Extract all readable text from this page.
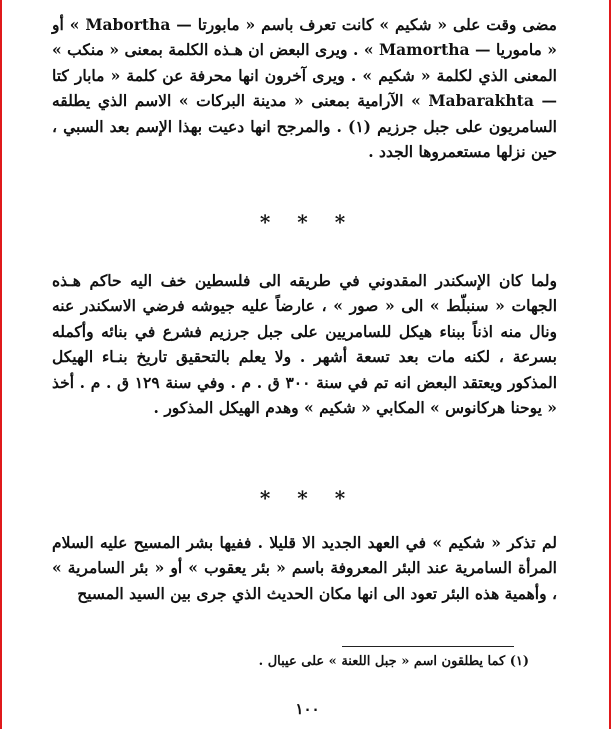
مضى وقت على « شكيم » كانت تعرف باسم « مابورتا — Mabortha » أو « ماموريا — Mamortha » . ويرى البعض ان هـذه الكلمة بمعنى « منكب » المعنى الذي لكلمة « شكيم » . ويرى آخرون انها محرفة عن كلمة « مابار كتا — Mabarakhta » الآرامية بمعنى « مدينة البركات » الاسم الذي يطلقه السامريون على جبل جرزيم (١) . والمرجح انها دعيت بهذا الإسم بعد السبي ، حين نزلها مستعمروها الجدد .

* * *

ولما كان الإسكندر المقدوني في طريقه الى فلسطين خف اليه حاكم هـذه الجهات « سنبلّط » الى « صور » ، عارضاً عليه جيوشه فرضي الاسكندر عنه ونال منه اذناً ببناء هيكل للسامريين على جبل جرزيم فشرع في بنائه وأكمله بسرعة ، لكنه مات بعد تسعة أشهر . ولا يعلم بالتحقيق تاريخ بنـاء الهيكل المذكور ويعتقد البعض انه تم في سنة ٣٠٠ ق . م . وفي سنة ١٢٩ ق . م . أخذ « يوحنا هركانوس » المكابي « شكيم » وهدم الهيكل المذكور .

* * *

لم تذكر « شكيم » في العهد الجديد الا قليلا . ففيها بشر المسيح عليه السلام المرأة السامرية عند البئر المعروفة باسم « بئر يعقوب » أو « بئر السامرية » ، وأهمية هذه البئر تعود الى انها مكان الحديث الذي جرى بين السيد المسيح

(١) كما يطلقون اسم « جبل اللعنة » على عيبال .
١٠٠
